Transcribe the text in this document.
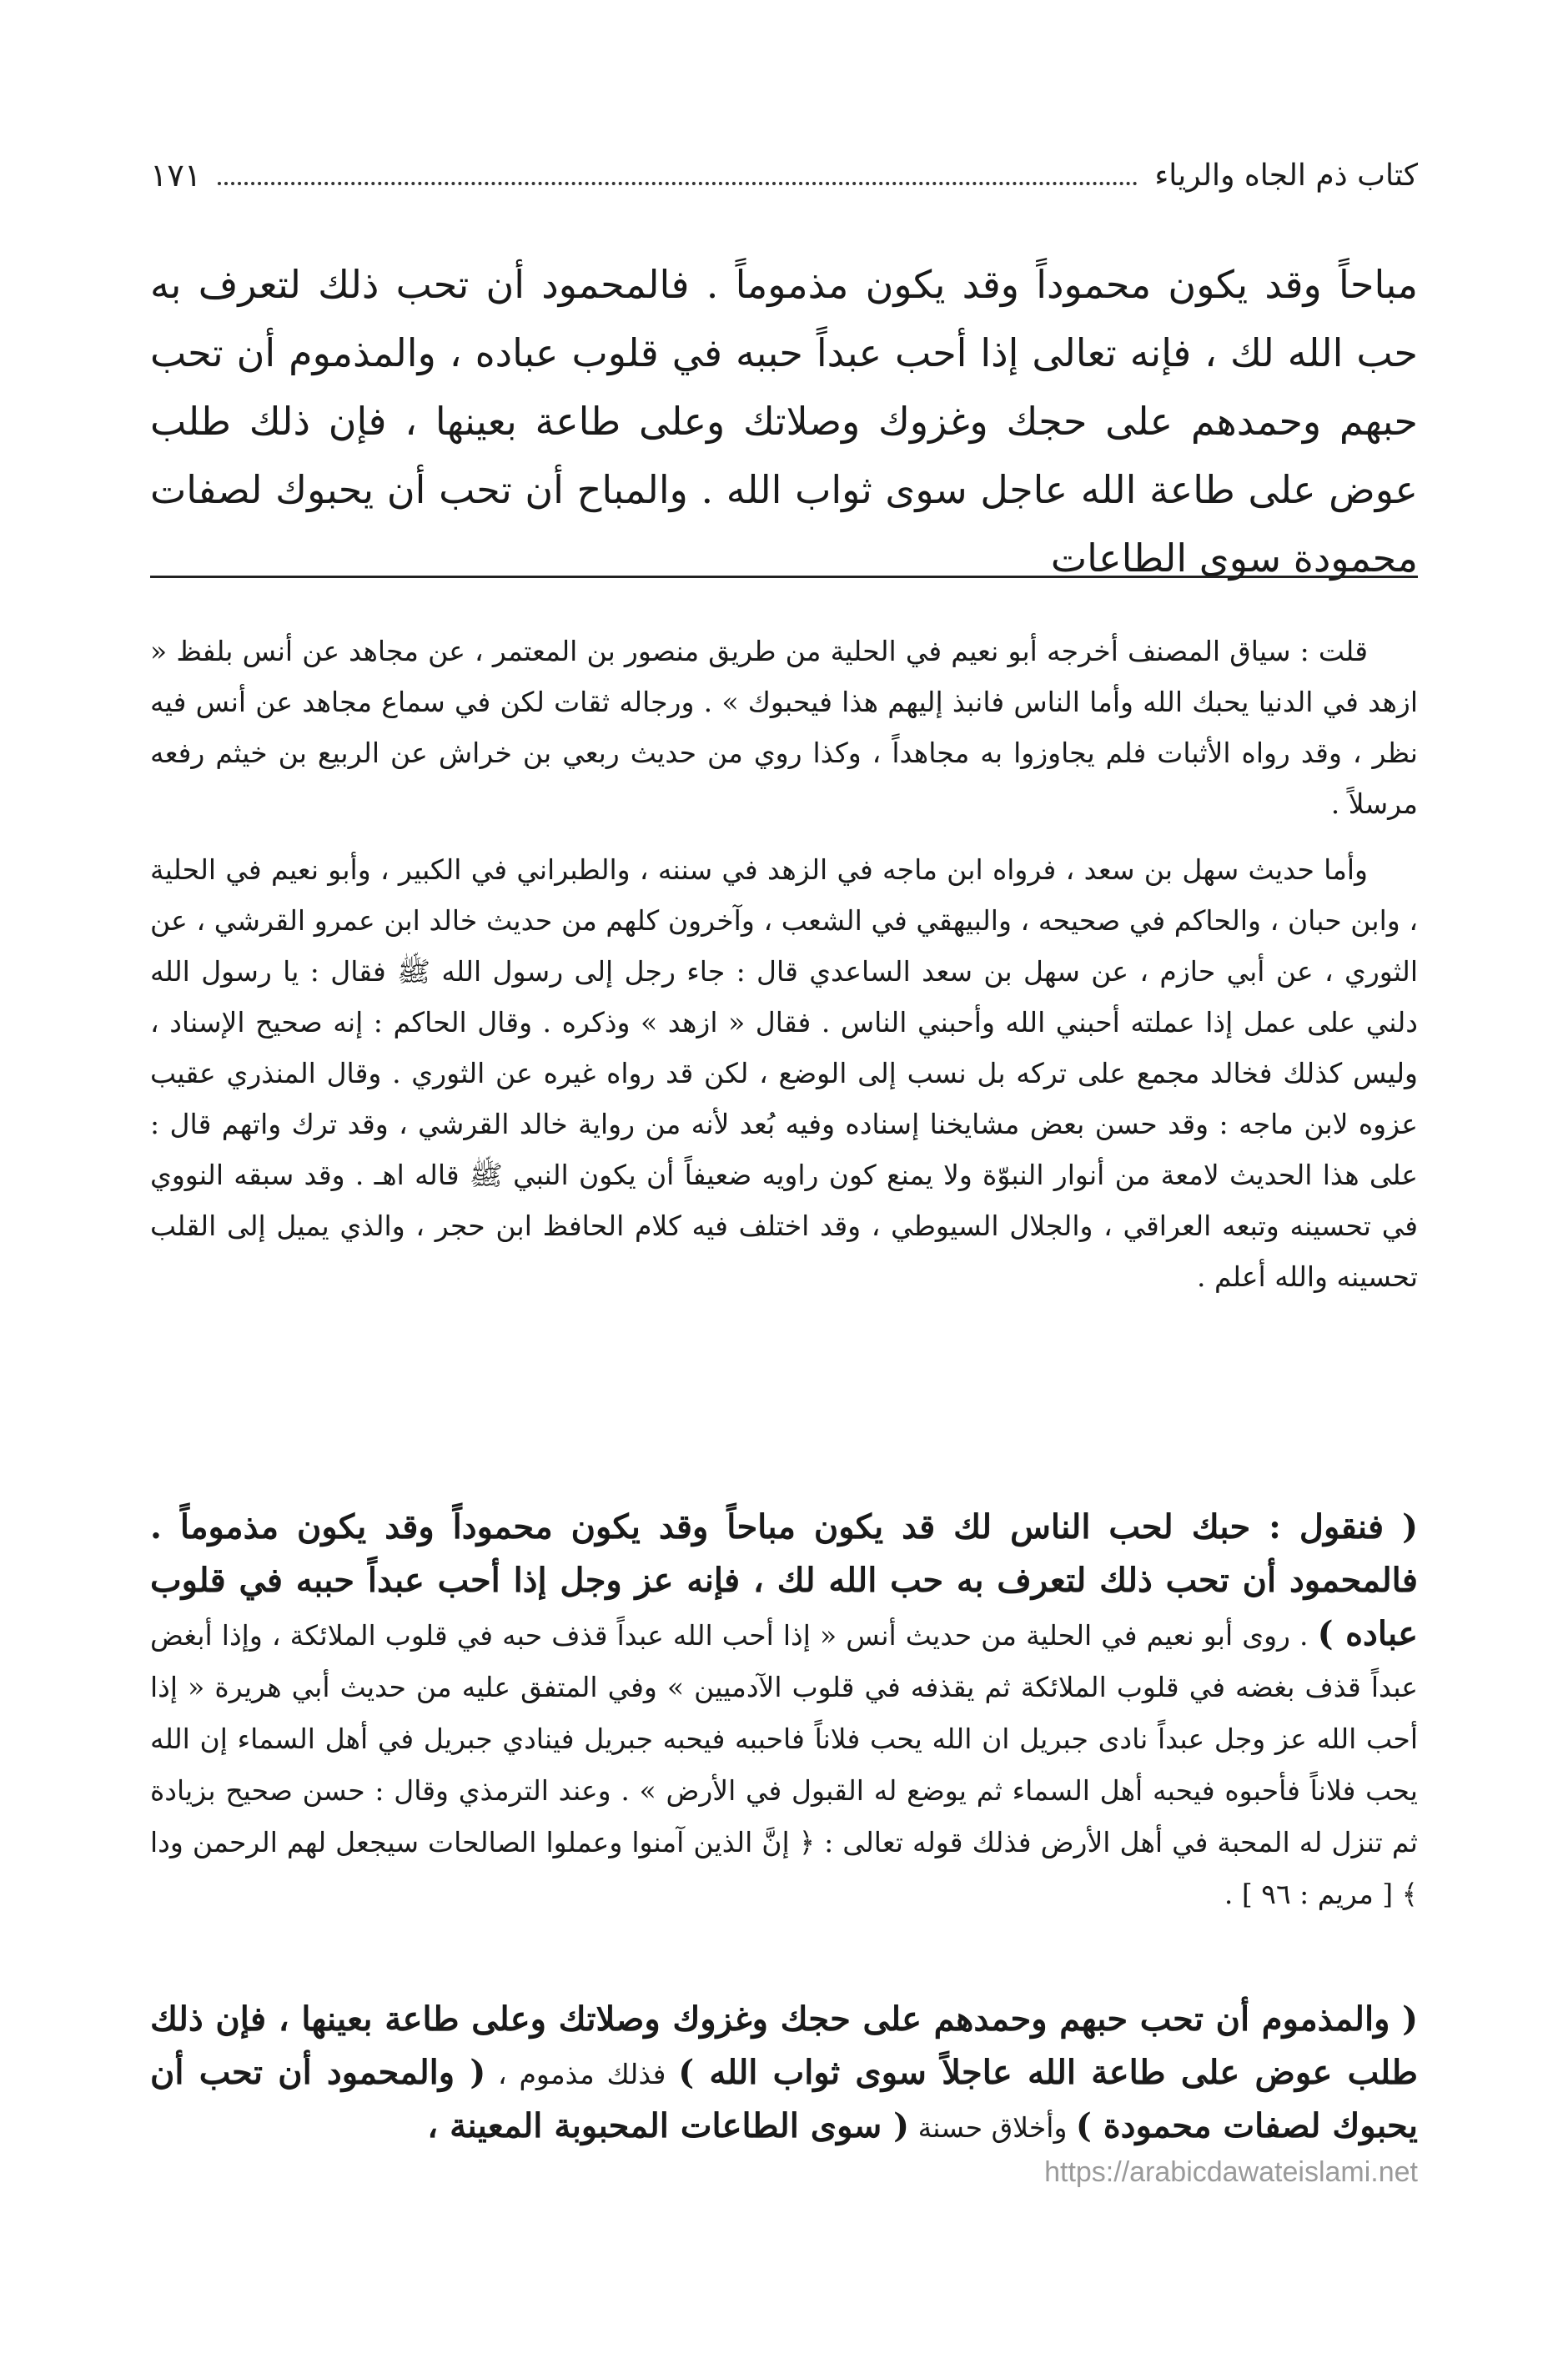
كتاب ذم الجاه والرياء
١٧١
مباحاً وقد يكون محموداً وقد يكون مذموماً . فالمحمود أن تحب ذلك لتعرف به حب الله لك ، فإنه تعالى إذا أحب عبداً حببه في قلوب عباده ، والمذموم أن تحب حبهم وحمدهم على حجك وغزوك وصلاتك وعلى طاعة بعينها ، فإن ذلك طلب عوض على طاعة الله عاجل سوى ثواب الله . والمباح أن تحب أن يحبوك لصفات محمودة سوى الطاعات

قلت : سياق المصنف أخرجه أبو نعيم في الحلية من طريق منصور بن المعتمر ، عن مجاهد عن أنس بلفظ « ازهد في الدنيا يحبك الله وأما الناس فانبذ إليهم هذا فيحبوك » . ورجاله ثقات لكن في سماع مجاهد عن أنس فيه نظر ، وقد رواه الأثبات فلم يجاوزوا به مجاهداً ، وكذا روي من حديث ربعي بن خراش عن الربيع بن خيثم رفعه مرسلاً .

وأما حديث سهل بن سعد ، فرواه ابن ماجه في الزهد في سننه ، والطبراني في الكبير ، وأبو نعيم في الحلية ، وابن حبان ، والحاكم في صحيحه ، والبيهقي في الشعب ، وآخرون كلهم من حديث خالد ابن عمرو القرشي ، عن الثوري ، عن أبي حازم ، عن سهل بن سعد الساعدي قال : جاء رجل إلى رسول الله ﷺ فقال : يا رسول الله دلني على عمل إذا عملته أحبني الله وأحبني الناس . فقال « ازهد » وذكره . وقال الحاكم : إنه صحيح الإسناد ، وليس كذلك فخالد مجمع على تركه بل نسب إلى الوضع ، لكن قد رواه غيره عن الثوري . وقال المنذري عقيب عزوه لابن ماجه : وقد حسن بعض مشايخنا إسناده وفيه بُعد لأنه من رواية خالد القرشي ، وقد ترك واتهم قال : على هذا الحديث لامعة من أنوار النبوّة ولا يمنع كون راويه ضعيفاً أن يكون النبي ﷺ قاله اهـ . وقد سبقه النووي في تحسينه وتبعه العراقي ، والجلال السيوطي ، وقد اختلف فيه كلام الحافظ ابن حجر ، والذي يميل إلى القلب تحسينه والله أعلم .

( فنقول : حبك لحب الناس لك قد يكون مباحاً وقد يكون محموداً وقد يكون مذموماً . فالمحمود أن تحب ذلك لتعرف به حب الله لك ، فإنه عز وجل إذا أحب عبداً حببه في قلوب عباده ) . روى أبو نعيم في الحلية من حديث أنس « إذا أحب الله عبداً قذف حبه في قلوب الملائكة ، وإذا أبغض عبداً قذف بغضه في قلوب الملائكة ثم يقذفه في قلوب الآدميين » وفي المتفق عليه من حديث أبي هريرة « إذا أحب الله عز وجل عبداً نادى جبريل ان الله يحب فلاناً فاحببه فيحبه جبريل فينادي جبريل في أهل السماء إن الله يحب فلاناً فأحبوه فيحبه أهل السماء ثم يوضع له القبول في الأرض » . وعند الترمذي وقال : حسن صحيح بزيادة ثم تنزل له المحبة في أهل الأرض فذلك قوله تعالى : ﴿ إنَّ الذين آمنوا وعملوا الصالحات سيجعل لهم الرحمن ودا ﴾ [ مريم : ٩٦ ] .

( والمذموم أن تحب حبهم وحمدهم على حجك وغزوك وصلاتك وعلى طاعة بعينها ، فإن ذلك طلب عوض على طاعة الله عاجلاً سوى ثواب الله ) فذلك مذموم ، ( والمحمود أن تحب أن يحبوك لصفات محمودة ) وأخلاق حسنة ( سوى الطاعات المحبوبة المعينة ،

https://arabicdawateislami.net
